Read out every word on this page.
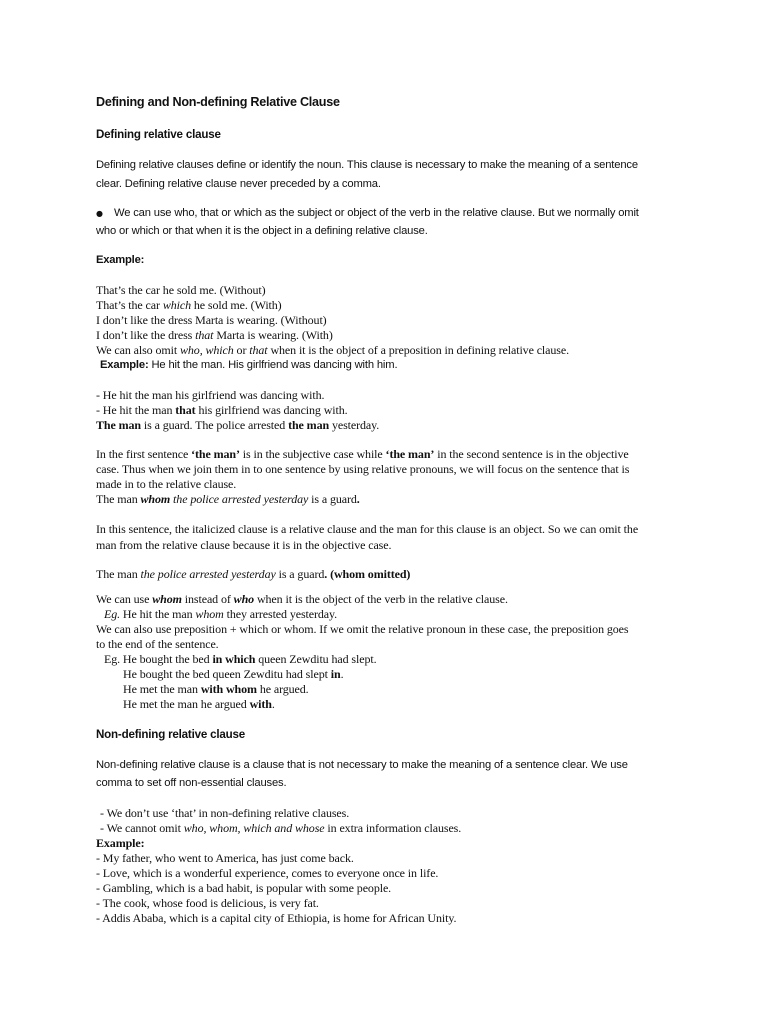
Defining and Non-defining Relative Clause
Defining relative clause
Defining relative clauses define or identify the noun. This clause is necessary to make the meaning of a sentence
clear. Defining relative clause never preceded by a comma.
● We can use who, that or which as the subject or object of the verb in the relative clause. But we normally omit
who or which or that when it is the object in a defining relative clause.
Example:
That’s the car he sold me. (Without)
That’s the car which he sold me. (With)
I don’t like the dress Marta is wearing. (Without)
I don’t like the dress that Marta is wearing. (With)
We can also omit who, which or that when it is the object of a preposition in defining relative clause.
Example: He hit the man. His girlfriend was dancing with him.
- He hit the man his girlfriend was dancing with.
- He hit the man that his girlfriend was dancing with.
The man is a guard. The police arrested the man yesterday.
In the first sentence ‘the man’ is in the subjective case while ‘the man’ in the second sentence is in the objective
case. Thus when we join them in to one sentence by using relative pronouns, we will focus on the sentence that is
made in to the relative clause.
The man whom the police arrested yesterday is a guard.
In this sentence, the italicized clause is a relative clause and the man for this clause is an object. So we can omit the
man from the relative clause because it is in the objective case.
The man the police arrested yesterday is a guard. (whom omitted)
We can use whom instead of who when it is the object of the verb in the relative clause.
Eg. He hit the man whom they arrested yesterday.
We can also use preposition + which or whom. If we omit the relative pronoun in these case, the preposition goes
to the end of the sentence.
Eg. He bought the bed in which queen Zewditu had slept.
He bought the bed queen Zewditu had slept in.
He met the man with whom he argued.
He met the man he argued with.
Non-defining relative clause
Non-defining relative clause is a clause that is not necessary to make the meaning of a sentence clear. We use
comma to set off non-essential clauses.
- We don’t use ‘that’ in non-defining relative clauses.
- We cannot omit who, whom, which and whose in extra information clauses.
Example:
- My father, who went to America, has just come back.
- Love, which is a wonderful experience, comes to everyone once in life.
- Gambling, which is a bad habit, is popular with some people.
- The cook, whose food is delicious, is very fat.
- Addis Ababa, which is a capital city of Ethiopia, is home for African Unity.
